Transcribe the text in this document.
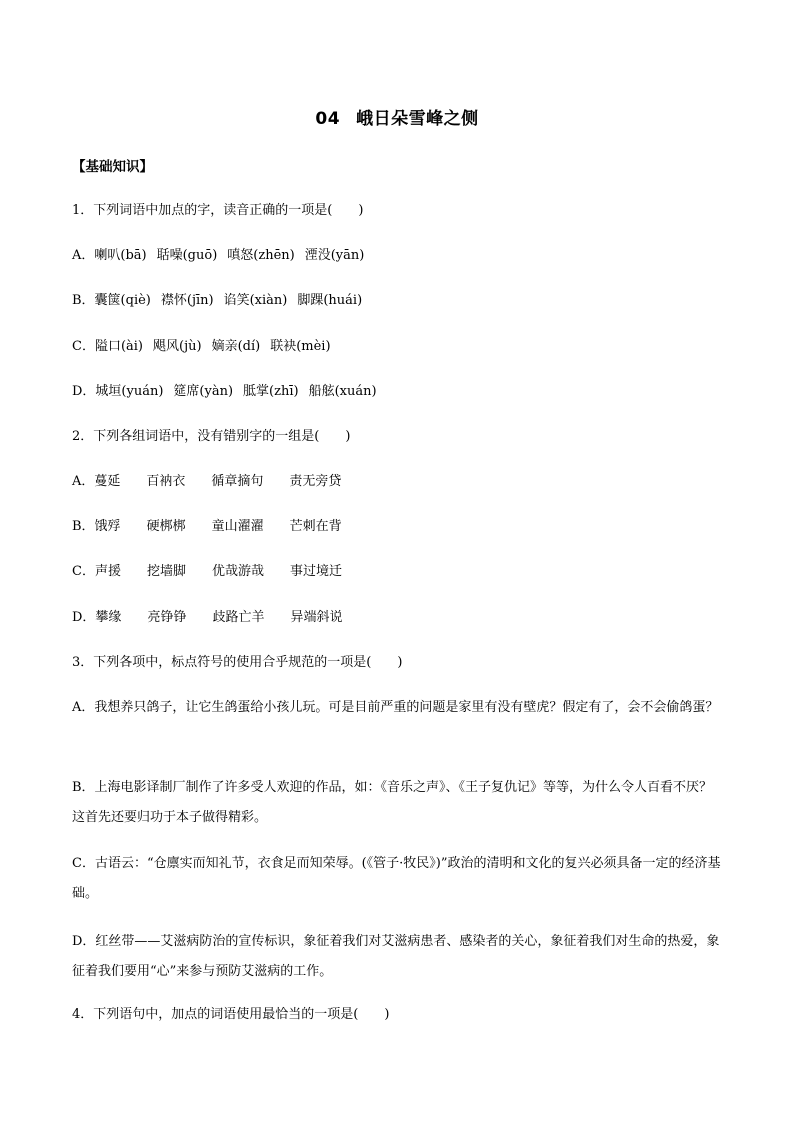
04 峨日朵雪峰之侧
【基础知识】
1．下列词语中加点的字，读音正确的一项是(　　)
A．喇叭(bā) 聒噪(guō) 嗔怒(zhēn) 湮没(yān)
B．囊箧(qiè) 襟怀(jīn) 谄笑(xiàn) 脚踝(huái)
C．隘口(ài) 飓风(jù) 嫡亲(dí) 联袂(mèi)
D．城垣(yuán) 筵席(yàn) 胝掌(zhī) 船舷(xuán)
2．下列各组词语中，没有错别字的一组是(　　)
A．蔓延 百衲衣 循章摘句 责无旁贷
B．饿殍 硬梆梆 童山濯濯 芒刺在背
C．声援 挖墙脚 优哉游哉 事过境迁
D．攀缘 亮铮铮 歧路亡羊 异端斜说
3．下列各项中，标点符号的使用合乎规范的一项是(　　)
A．我想养只鸽子，让它生鸽蛋给小孩儿玩。可是目前严重的问题是家里有没有壁虎？假定有了，会不会偷鸽蛋？
B．上海电影译制厂制作了许多受人欢迎的作品，如：《音乐之声》、《王子复仇记》等等，为什么令人百看不厌？这首先还要归功于本子做得精彩。
C．古语云：“仓廪实而知礼节，衣食足而知荣辱。(《管子·牧民》)”政治的清明和文化的复兴必须具备一定的经济基础。
D．红丝带——艾滋病防治的宣传标识，象征着我们对艾滋病患者、感染者的关心，象征着我们对生命的热爱，象征着我们要用“心”来参与预防艾滋病的工作。
4．下列语句中，加点的词语使用最恰当的一项是(　　)
